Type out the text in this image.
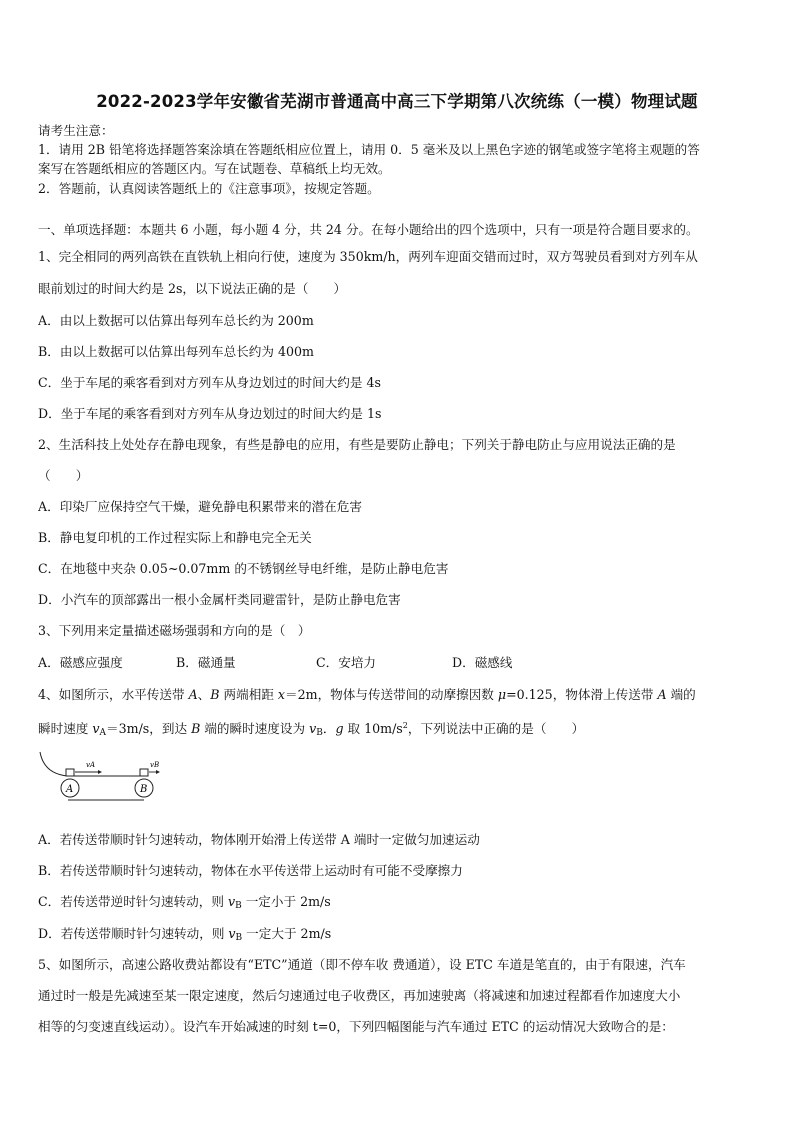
2022-2023学年安徽省芜湖市普通高中高三下学期第八次统练（一模）物理试题
请考生注意：
1．请用 2B 铅笔将选择题答案涂填在答题纸相应位置上，请用 0．5 毫米及以上黑色字迹的钢笔或签字笔将主观题的答
案写在答题纸相应的答题区内。写在试题卷、草稿纸上均无效。
2．答题前，认真阅读答题纸上的《注意事项》，按规定答题。
一、单项选择题：本题共 6 小题，每小题 4 分，共 24 分。在每小题给出的四个选项中，只有一项是符合题目要求的。
1、完全相同的两列高铁在直铁轨上相向行使，速度为 350km/h，两列车迎面交错而过时，双方驾驶员看到对方列车从
眼前划过的时间大约是 2s，以下说法正确的是（　　）
A．由以上数据可以估算出每列车总长约为 200m
B．由以上数据可以估算出每列车总长约为 400m
C．坐于车尾的乘客看到对方列车从身边划过的时间大约是 4s
D．坐于车尾的乘客看到对方列车从身边划过的时间大约是 1s
2、生活科技上处处存在静电现象，有些是静电的应用，有些是要防止静电；下列关于静电防止与应用说法正确的是
（　　）
A．印染厂应保持空气干燥，避免静电积累带来的潜在危害
B．静电复印机的工作过程实际上和静电完全无关
C．在地毯中夹杂 0.05~0.07mm 的不锈钢丝导电纤维，是防止静电危害
D．小汽车的顶部露出一根小金属杆类同避雷针，是防止静电危害
3、下列用来定量描述磁场强弱和方向的是（　）
A．磁感应强度	B．磁通量	C．安培力	D．磁感线
4、如图所示，水平传送带 A、B 两端相距 x＝2m，物体与传送带间的动摩擦因数 μ=0.125，物体滑上传送带 A 端的
瞬时速度 $v_A=3m/s$，到达 B 端的瞬时速度设为 $v_B$．g 取 $10m/s^2$，下列说法中正确的是（　　）
A	B
vA	vB
A．若传送带顺时针匀速转动，物体刚开始滑上传送带 A 端时一定做匀加速运动
B．若传送带顺时针匀速转动，物体在水平传送带上运动时有可能不受摩擦力
C．若传送带逆时针匀速转动，则 $v_B$ 一定小于 2m/s
D．若传送带顺时针匀速转动，则 $v_B$ 一定大于 2m/s
5、如图所示，高速公路收费站都设有“ETC”通道（即不停车收 费通道），设 ETC 车道是笔直的，由于有限速，汽车
通过时一般是先减速至某一限定速度，然后匀速通过电子收费区，再加速驶离（将减速和加速过程都看作加速度大小
相等的匀变速直线运动）。设汽车开始减速的时刻 t=0，下列四幅图能与汽车通过 ETC 的运动情况大致吻合的是：
